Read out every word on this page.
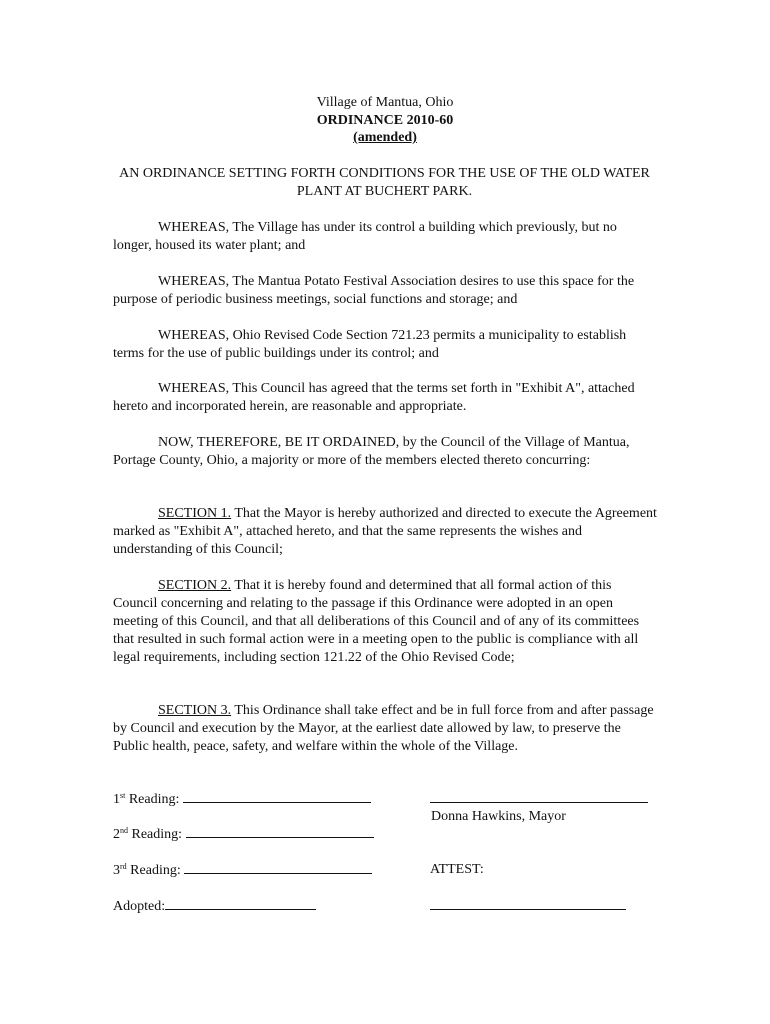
Village of Mantua, Ohio
ORDINANCE 2010-60
(amended)
AN ORDINANCE SETTING FORTH CONDITIONS FOR THE USE OF THE OLD WATER PLANT AT BUCHERT PARK.

WHEREAS, The Village has under its control a building which previously, but no longer, housed its water plant; and

WHEREAS, The Mantua Potato Festival Association desires to use this space for the purpose of periodic business meetings, social functions and storage; and

WHEREAS, Ohio Revised Code Section 721.23 permits a municipality to establish terms for the use of public buildings under its control; and

WHEREAS, This Council has agreed that the terms set forth in "Exhibit A", attached hereto and incorporated herein, are reasonable and appropriate.

NOW, THEREFORE, BE IT ORDAINED, by the Council of the Village of Mantua, Portage County, Ohio, a majority or more of the members elected thereto concurring:

SECTION 1. That the Mayor is hereby authorized and directed to execute the Agreement marked as "Exhibit A", attached hereto, and that the same represents the wishes and understanding of this Council;

SECTION 2. That it is hereby found and determined that all formal action of this Council concerning and relating to the passage if this Ordinance were adopted in an open meeting of this Council, and that all deliberations of this Council and of any of its committees that resulted in such formal action were in a meeting open to the public is compliance with all legal requirements, including section 121.22 of the Ohio Revised Code;

SECTION 3. This Ordinance shall take effect and be in full force from and after passage by Council and execution by the Mayor, at the earliest date allowed by law, to preserve the Public health, peace, safety, and welfare within the whole of the Village.

1st Reading:
Donna Hawkins, Mayor
2nd Reading:
3rd Reading:	ATTEST:
Adopted:
